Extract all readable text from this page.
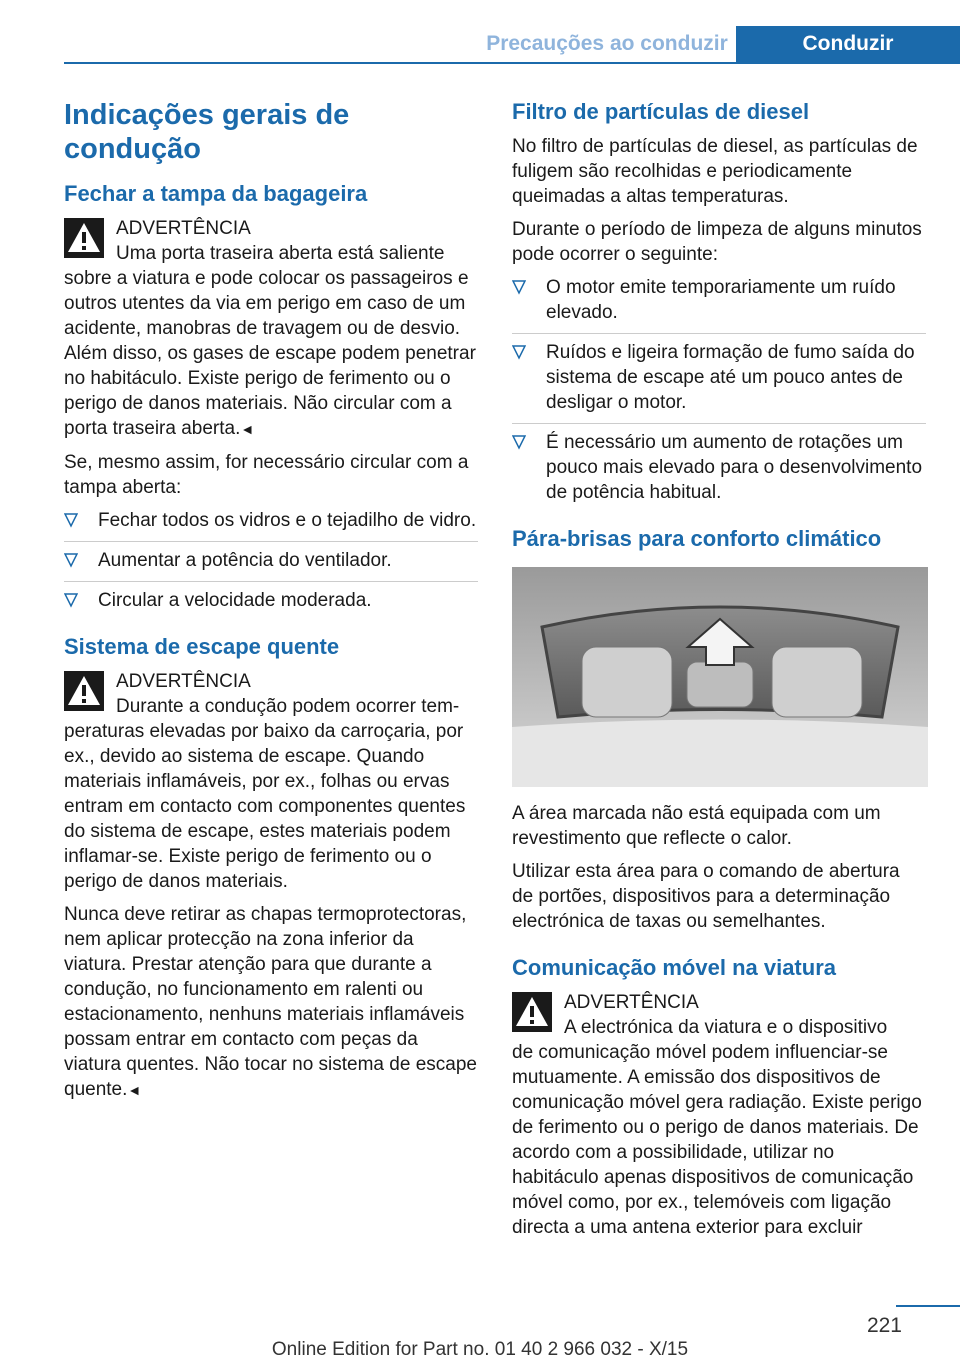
Precauções ao conduzir	Conduzir
Indicações gerais de condução
Fechar a tampa da bagageira
ADVERTÊNCIA

Uma porta traseira aberta está saliente

sobre a viatura e pode colocar os passageiros e outros utentes da via em perigo em caso de um acidente, manobras de travagem ou de desvio. Além disso, os gases de escape podem penetrar no habitáculo. Existe perigo de ferimento ou o perigo de danos materiais. Não circular com a porta traseira aberta.◄

Se, mesmo assim, for necessário circular com a tampa aberta:

Fechar todos os vidros e o tejadilho de vidro.
Aumentar a potência do ventilador.
Circular a velocidade moderada.
Sistema de escape quente
ADVERTÊNCIA

Durante a condução podem ocorrer tem-

peraturas elevadas por baixo da carroçaria, por ex., devido ao sistema de escape. Quando materiais inflamáveis, por ex., folhas ou ervas entram em contacto com componentes quentes do sistema de escape, estes materiais podem inflamar-se. Existe perigo de ferimento ou o perigo de danos materiais.

Nunca deve retirar as chapas termoprotectoras, nem aplicar protecção na zona inferior da viatura. Prestar atenção para que durante a condução, no funcionamento em ralenti ou estacionamento, nenhuns materiais inflamáveis possam entrar em contacto com peças da viatura quentes. Não tocar no sistema de escape quente.◄

Filtro de partículas de diesel

No filtro de partículas de diesel, as partículas de fuligem são recolhidas e periodicamente queimadas a altas temperaturas.

Durante o período de limpeza de alguns minutos pode ocorrer o seguinte:

O motor emite temporariamente um ruído elevado.
Ruídos e ligeira formação de fumo saída do sistema de escape até um pouco antes de desligar o motor.
É necessário um aumento de rotações um pouco mais elevado para o desenvolvimento de potência habitual.
Pára-brisas para conforto climático

A área marcada não está equipada com um revestimento que reflecte o calor.

Utilizar esta área para o comando de abertura de portões, dispositivos para a determinação electrónica de taxas ou semelhantes.

Comunicação móvel na viatura
ADVERTÊNCIA

A electrónica da viatura e o dispositivo

de comunicação móvel podem influenciar-se mutuamente. A emissão dos dispositivos de comunicação móvel gera radiação. Existe perigo de ferimento ou o perigo de danos materiais. De acordo com a possibilidade, utilizar no habitáculo apenas dispositivos de comunicação móvel como, por ex., telemóveis com ligação directa a uma antena exterior para excluir

221
Online Edition for Part no. 01 40 2 966 032 - X/15
